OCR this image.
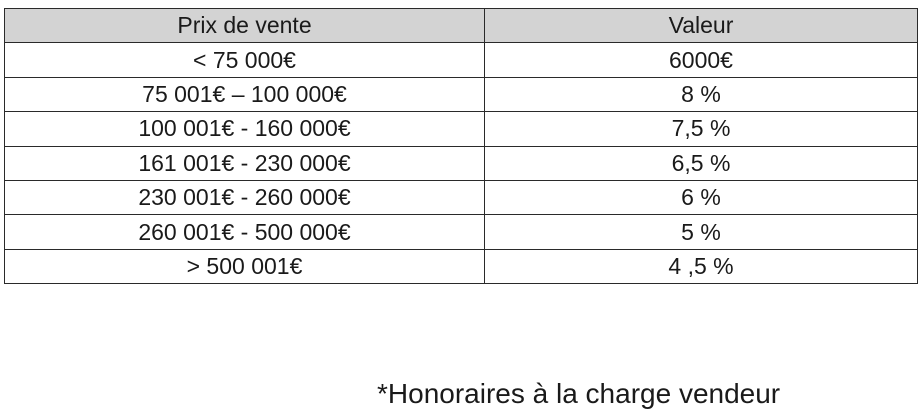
Prix de vente	Valeur
< 75 000€	6000€
75 001€ – 100 000€	8 %
100 001€ - 160 000€	7,5 %
161 001€ - 230 000€	6,5 %
230 001€ - 260 000€	6 %
260 001€ - 500 000€	5 %
> 500 001€	4 ,5 %
*Honoraires à la charge vendeur
